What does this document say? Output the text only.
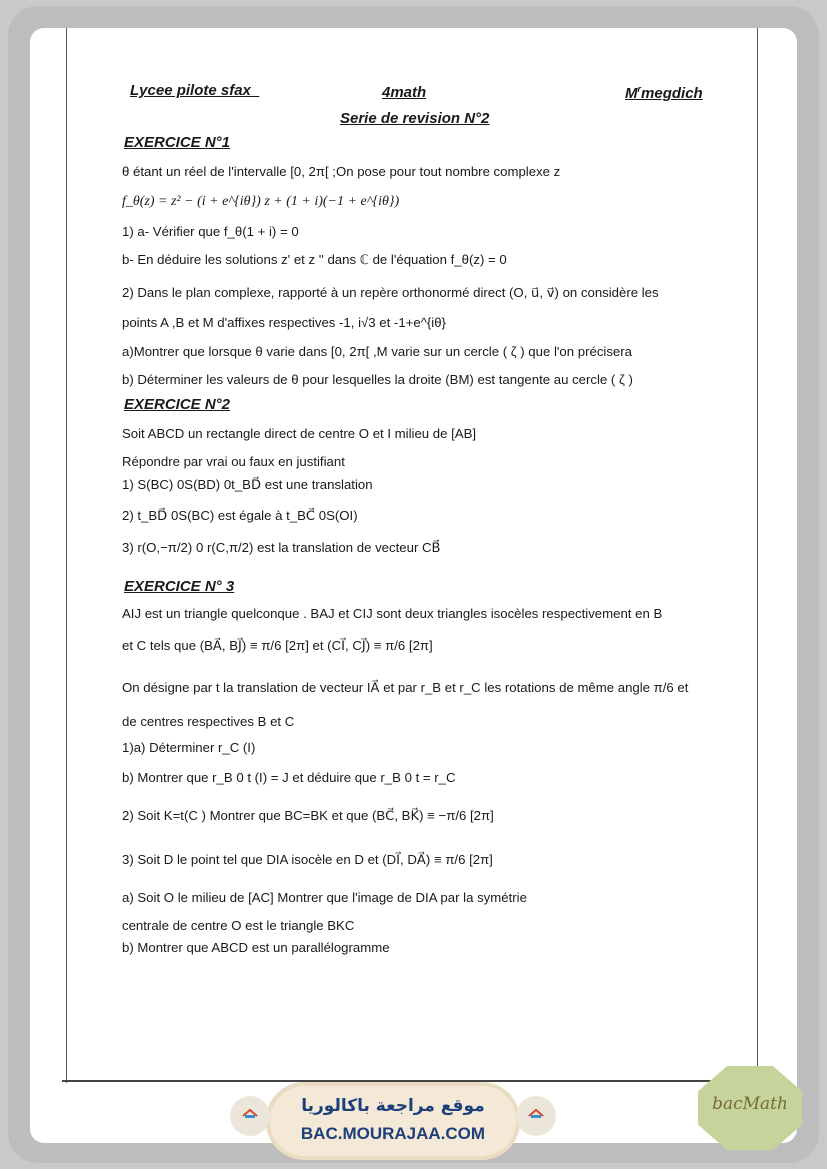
Lycee pilote sfax_	4math	$M^rmegdich$
Serie de revision N°2
EXERCICE N°1
θ étant un réel de l'intervalle [0, 2π[ ;On pose pour tout nombre complexe z
f_θ(z) = z² − (i + e^{iθ}) z + (1 + i)(−1 + e^{iθ})
1) a- Vérifier que f_θ(1 + i) = 0
b- En déduire les solutions z' et z '' dans ℂ de l'équation f_θ(z) = 0
2) Dans le plan complexe, rapporté à un repère orthonormé direct (O, u⃗, v⃗) on considère les
points A ,B et M d'affixes respectives -1, i√3 et -1+e^{iθ}
a)Montrer que lorsque θ varie dans [0, 2π[ ,M varie sur un cercle ( ζ ) que l'on précisera
b) Déterminer les valeurs de θ pour lesquelles la droite (BM) est tangente au cercle ( ζ )
EXERCICE N°2
Soit ABCD un rectangle direct de centre O et I milieu de [AB]
Répondre par vrai ou faux en justifiant
1) S(BC) 0S(BD) 0t_BD⃗ est une translation
2) t_BD⃗ 0S(BC) est égale à t_BC⃗ 0S(OI)
3) r(O,−π/2) 0 r(C,π/2) est la translation de vecteur CB⃗
EXERCICE N° 3
AIJ est un triangle quelconque . BAJ et CIJ sont deux triangles isocèles respectivement en B
et C tels que (BA⃗, BJ⃗) ≡ π/6 [2π] et (CI⃗, CJ⃗) ≡ π/6 [2π]
On désigne par t la translation de vecteur IA⃗ et par r_B et r_C les rotations de même angle π/6 et
de centres respectives B et C
1)a) Déterminer r_C (I)
b) Montrer que r_B 0 t (I) = J et déduire que r_B 0 t = r_C
2) Soit K=t(C ) Montrer que BC=BK et que (BC⃗, BK⃗) ≡ −π/6 [2π]
3) Soit D le point tel que DIA isocèle en D et (DI⃗, DA⃗) ≡ π/6 [2π]
a) Soit O le milieu de [AC] Montrer que l'image de DIA par la symétrie
centrale de centre O est le triangle BKC
b) Montrer que ABCD est un parallélogramme
موقع مراجعة باكالوريا
BAC.MOURAJAA.COM
bacMath
